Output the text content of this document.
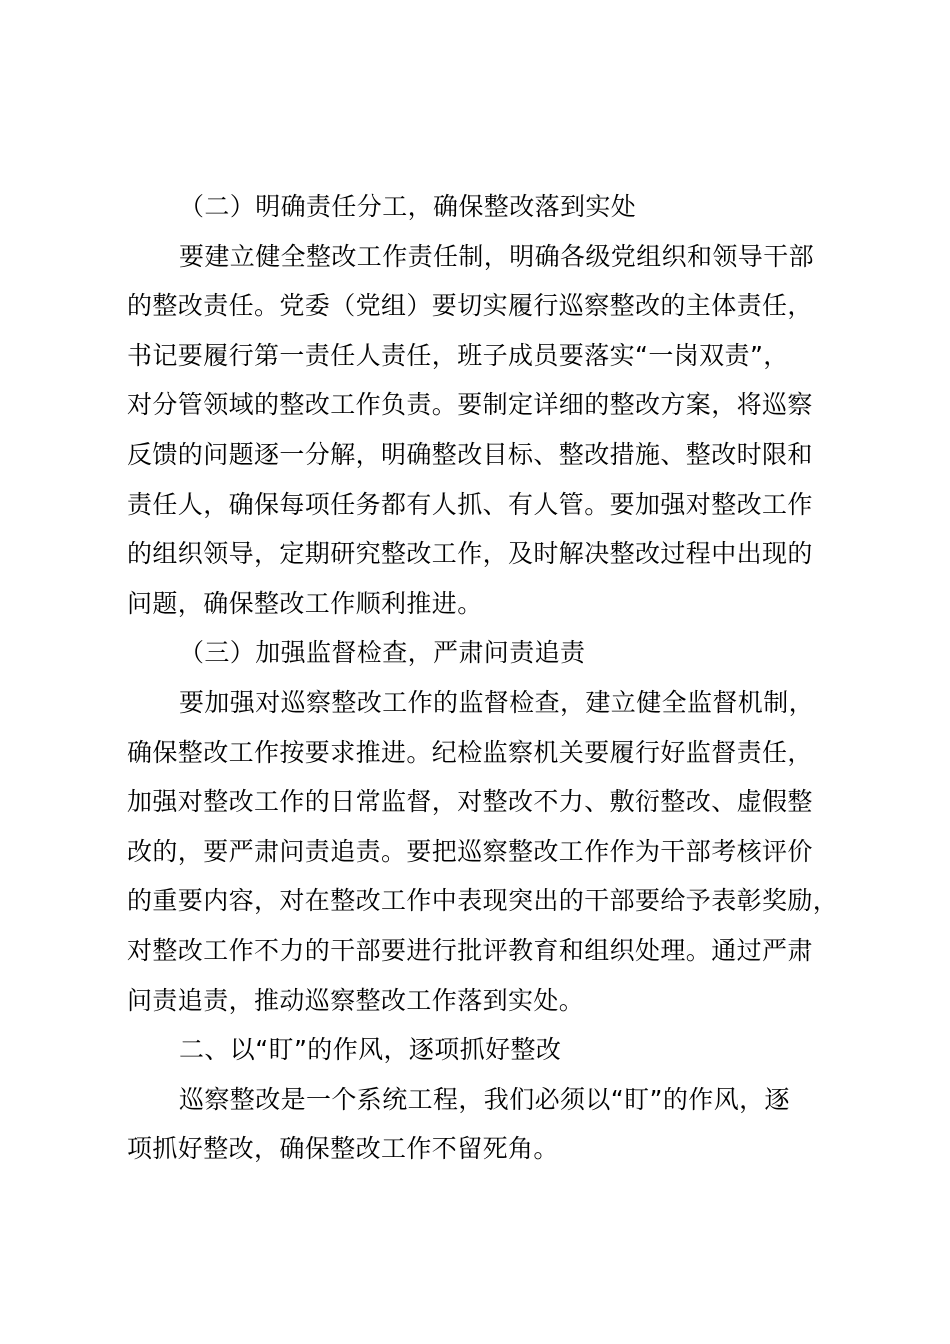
（二）明确责任分工，确保整改落到实处
要建立健全整改工作责任制，明确各级党组织和领导干部
的整改责任。党委（党组）要切实履行巡察整改的主体责任，
书记要履行第一责任人责任，班子成员要落实“一岗双责”，
对分管领域的整改工作负责。要制定详细的整改方案，将巡察
反馈的问题逐一分解，明确整改目标、整改措施、整改时限和
责任人，确保每项任务都有人抓、有人管。要加强对整改工作
的组织领导，定期研究整改工作，及时解决整改过程中出现的
问题，确保整改工作顺利推进。
（三）加强监督检查，严肃问责追责
要加强对巡察整改工作的监督检查，建立健全监督机制，
确保整改工作按要求推进。纪检监察机关要履行好监督责任，
加强对整改工作的日常监督，对整改不力、敷衍整改、虚假整
改的，要严肃问责追责。要把巡察整改工作作为干部考核评价
的重要内容，对在整改工作中表现突出的干部要给予表彰奖励，
对整改工作不力的干部要进行批评教育和组织处理。通过严肃
问责追责，推动巡察整改工作落到实处。
二、以“盯”的作风，逐项抓好整改
巡察整改是一个系统工程，我们必须以“盯”的作风，逐
项抓好整改，确保整改工作不留死角。
